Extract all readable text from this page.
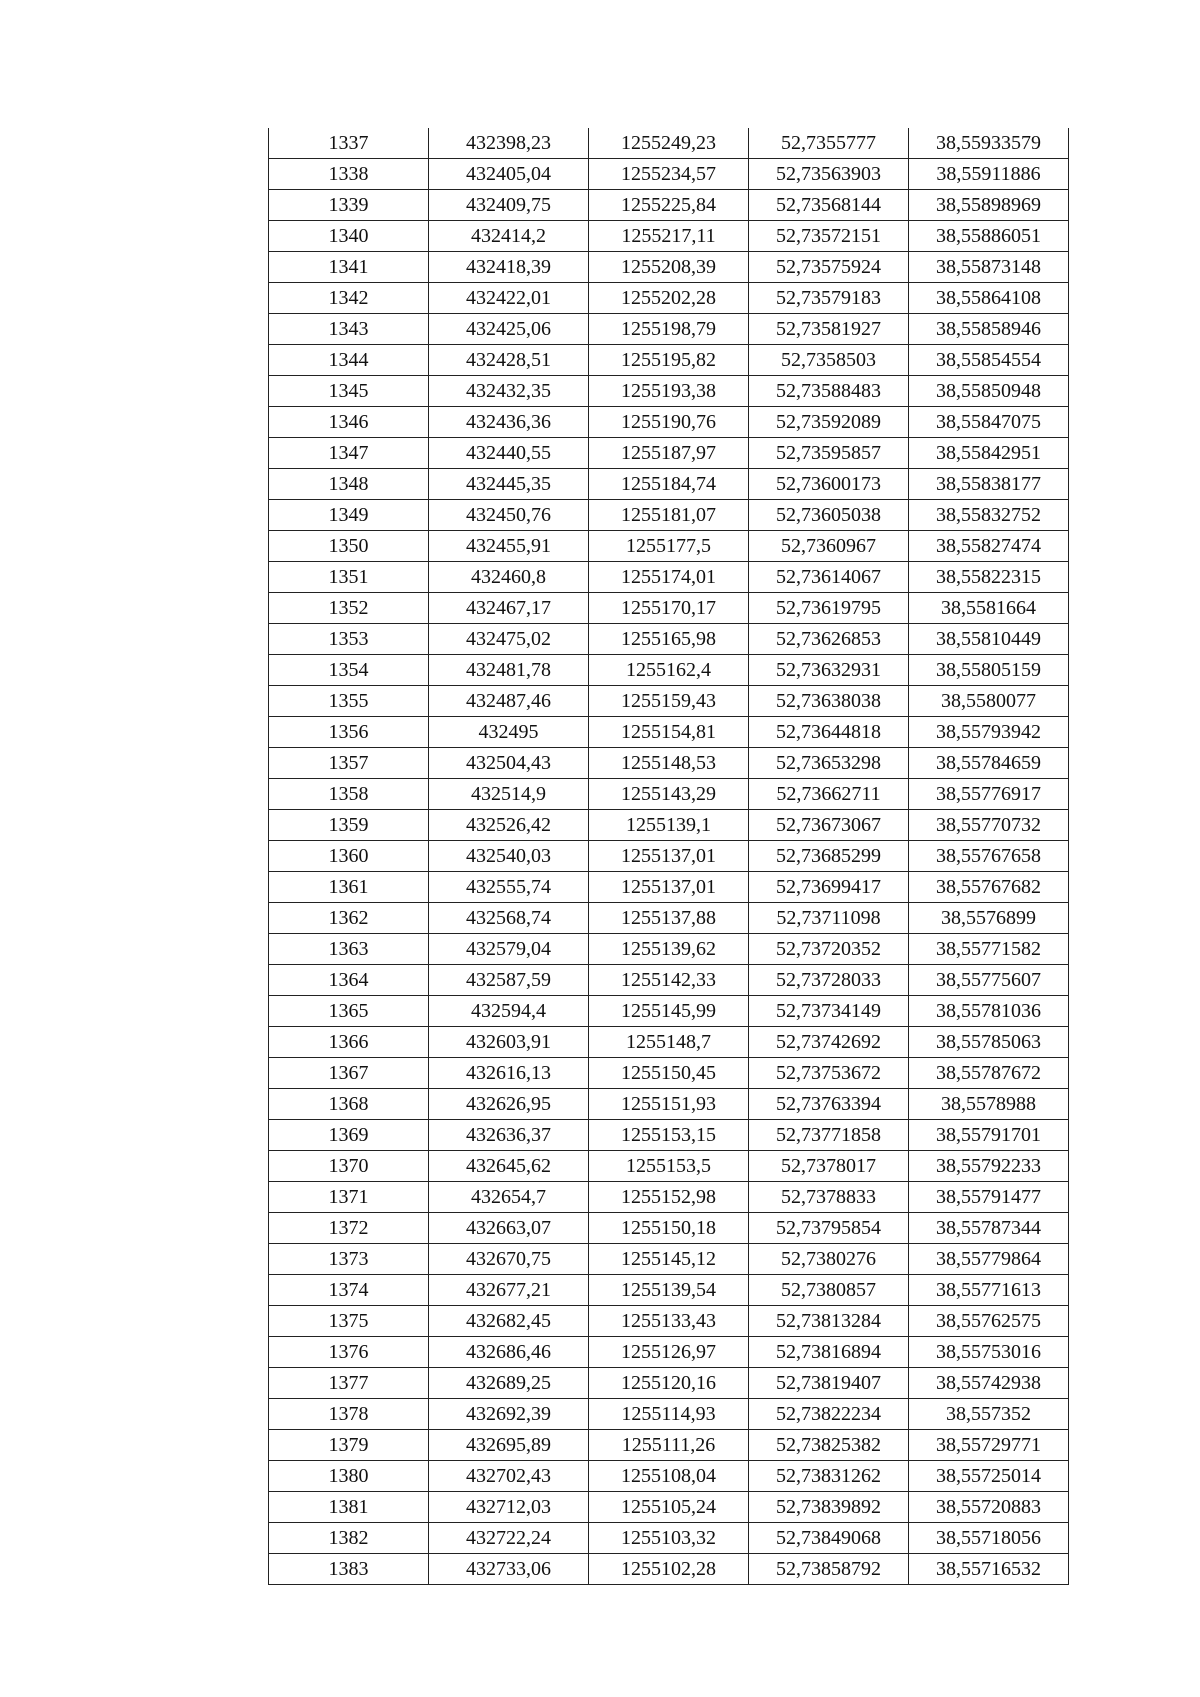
1337	432398,23	1255249,23	52,7355777	38,55933579
1338	432405,04	1255234,57	52,73563903	38,55911886
1339	432409,75	1255225,84	52,73568144	38,55898969
1340	432414,2	1255217,11	52,73572151	38,55886051
1341	432418,39	1255208,39	52,73575924	38,55873148
1342	432422,01	1255202,28	52,73579183	38,55864108
1343	432425,06	1255198,79	52,73581927	38,55858946
1344	432428,51	1255195,82	52,7358503	38,55854554
1345	432432,35	1255193,38	52,73588483	38,55850948
1346	432436,36	1255190,76	52,73592089	38,55847075
1347	432440,55	1255187,97	52,73595857	38,55842951
1348	432445,35	1255184,74	52,73600173	38,55838177
1349	432450,76	1255181,07	52,73605038	38,55832752
1350	432455,91	1255177,5	52,7360967	38,55827474
1351	432460,8	1255174,01	52,73614067	38,55822315
1352	432467,17	1255170,17	52,73619795	38,5581664
1353	432475,02	1255165,98	52,73626853	38,55810449
1354	432481,78	1255162,4	52,73632931	38,55805159
1355	432487,46	1255159,43	52,73638038	38,5580077
1356	432495	1255154,81	52,73644818	38,55793942
1357	432504,43	1255148,53	52,73653298	38,55784659
1358	432514,9	1255143,29	52,73662711	38,55776917
1359	432526,42	1255139,1	52,73673067	38,55770732
1360	432540,03	1255137,01	52,73685299	38,55767658
1361	432555,74	1255137,01	52,73699417	38,55767682
1362	432568,74	1255137,88	52,73711098	38,5576899
1363	432579,04	1255139,62	52,73720352	38,55771582
1364	432587,59	1255142,33	52,73728033	38,55775607
1365	432594,4	1255145,99	52,73734149	38,55781036
1366	432603,91	1255148,7	52,73742692	38,55785063
1367	432616,13	1255150,45	52,73753672	38,55787672
1368	432626,95	1255151,93	52,73763394	38,5578988
1369	432636,37	1255153,15	52,73771858	38,55791701
1370	432645,62	1255153,5	52,7378017	38,55792233
1371	432654,7	1255152,98	52,7378833	38,55791477
1372	432663,07	1255150,18	52,73795854	38,55787344
1373	432670,75	1255145,12	52,7380276	38,55779864
1374	432677,21	1255139,54	52,7380857	38,55771613
1375	432682,45	1255133,43	52,73813284	38,55762575
1376	432686,46	1255126,97	52,73816894	38,55753016
1377	432689,25	1255120,16	52,73819407	38,55742938
1378	432692,39	1255114,93	52,73822234	38,557352
1379	432695,89	1255111,26	52,73825382	38,55729771
1380	432702,43	1255108,04	52,73831262	38,55725014
1381	432712,03	1255105,24	52,73839892	38,55720883
1382	432722,24	1255103,32	52,73849068	38,55718056
1383	432733,06	1255102,28	52,73858792	38,55716532
